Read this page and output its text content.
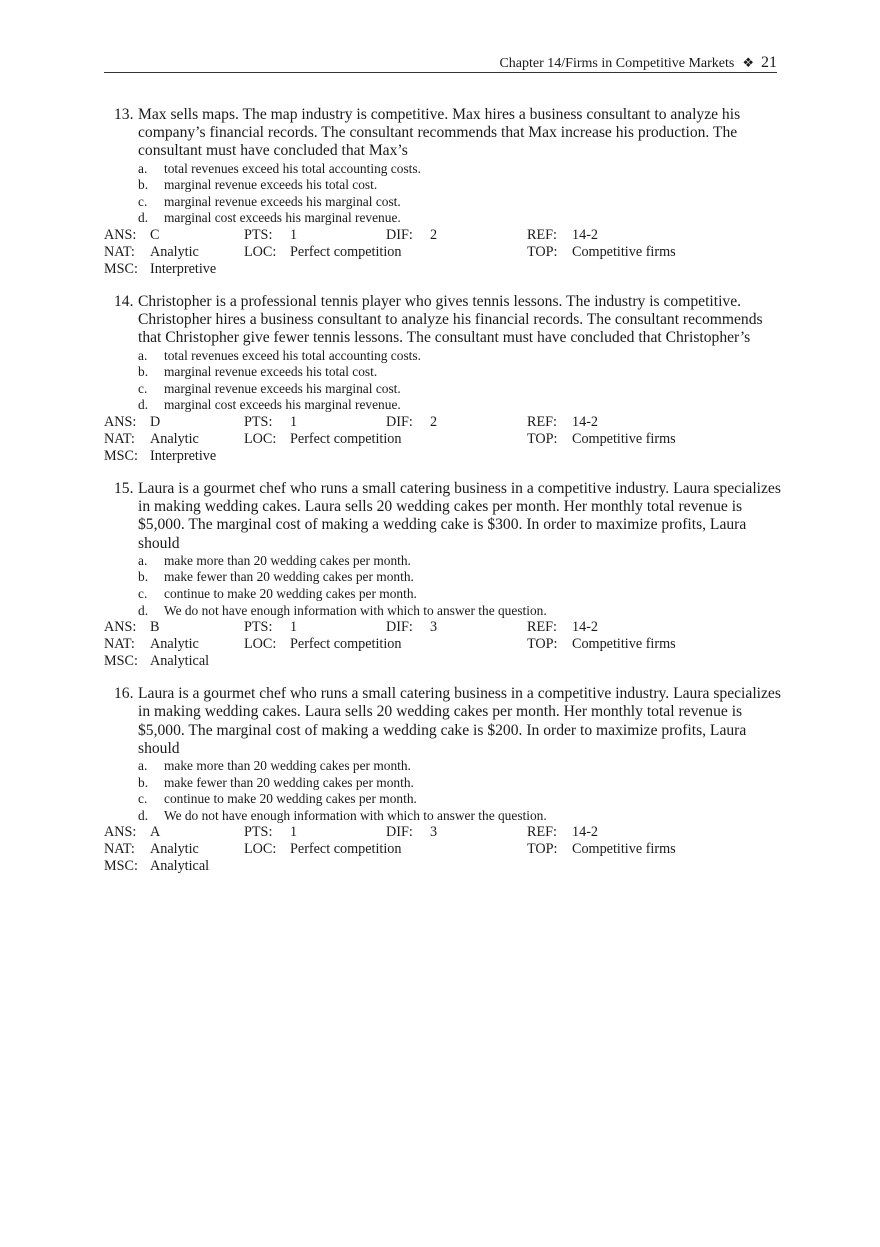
Chapter 14/Firms in Competitive Markets ❖ 21
13. Max sells maps. The map industry is competitive. Max hires a business consultant to analyze his company’s financial records. The consultant recommends that Max increase his production. The consultant must have concluded that Max’s
a. total revenues exceed his total accounting costs.
b. marginal revenue exceeds his total cost.
c. marginal revenue exceeds his marginal cost.
d. marginal cost exceeds his marginal revenue.
ANS: C	PTS: 1	DIF: 2	REF: 14-2
NAT: Analytic	LOC: Perfect competition	TOP: Competitive firms
MSC: Interpretive
14. Christopher is a professional tennis player who gives tennis lessons. The industry is competitive. Christopher hires a business consultant to analyze his financial records. The consultant recommends that Christopher give fewer tennis lessons. The consultant must have concluded that Christopher’s
a. total revenues exceed his total accounting costs.
b. marginal revenue exceeds his total cost.
c. marginal revenue exceeds his marginal cost.
d. marginal cost exceeds his marginal revenue.
ANS: D	PTS: 1	DIF: 2	REF: 14-2
NAT: Analytic	LOC: Perfect competition	TOP: Competitive firms
MSC: Interpretive
15. Laura is a gourmet chef who runs a small catering business in a competitive industry. Laura specializes in making wedding cakes. Laura sells 20 wedding cakes per month. Her monthly total revenue is $5,000. The marginal cost of making a wedding cake is $300. In order to maximize profits, Laura should
a. make more than 20 wedding cakes per month.
b. make fewer than 20 wedding cakes per month.
c. continue to make 20 wedding cakes per month.
d. We do not have enough information with which to answer the question.
ANS: B	PTS: 1	DIF: 3	REF: 14-2
NAT: Analytic	LOC: Perfect competition	TOP: Competitive firms
MSC: Analytical
16. Laura is a gourmet chef who runs a small catering business in a competitive industry. Laura specializes in making wedding cakes. Laura sells 20 wedding cakes per month. Her monthly total revenue is $5,000. The marginal cost of making a wedding cake is $200. In order to maximize profits, Laura should
a. make more than 20 wedding cakes per month.
b. make fewer than 20 wedding cakes per month.
c. continue to make 20 wedding cakes per month.
d. We do not have enough information with which to answer the question.
ANS: A	PTS: 1	DIF: 3	REF: 14-2
NAT: Analytic	LOC: Perfect competition	TOP: Competitive firms
MSC: Analytical
